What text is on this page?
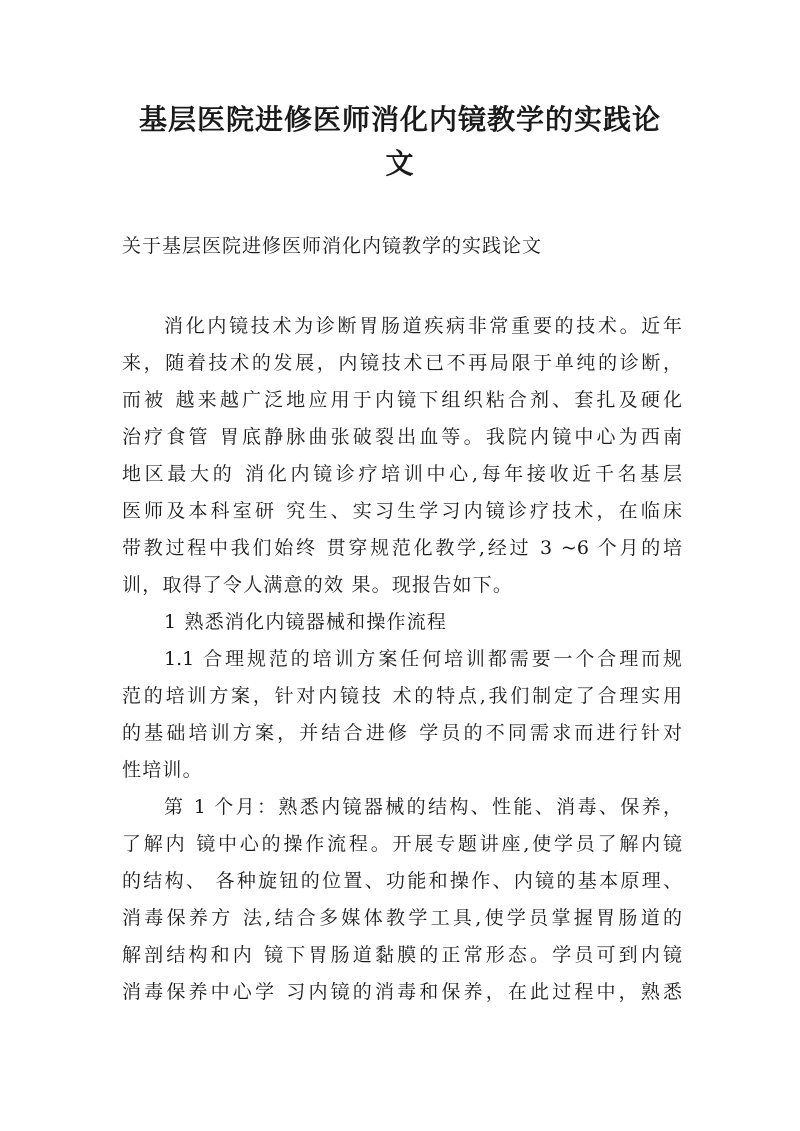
基层医院进修医师消化内镜教学的实践论
文
关于基层医院进修医师消化内镜教学的实践论文
消化内镜技术为诊断胃肠道疾病非常重要的技术。近年
来，随着技术的发展，内镜技术已不再局限于单纯的诊断，
而被 越来越广泛地应用于内镜下组织粘合剂、套扎及硬化
治疗食管 胃底静脉曲张破裂出血等。我院内镜中心为西南
地区最大的 消化内镜诊疗培训中心,每年接收近千名基层
医师及本科室研 究生、实习生学习内镜诊疗技术，在临床
带教过程中我们始终 贯穿规范化教学,经过 3 ~6 个月的培
训，取得了令人满意的效 果。现报告如下。
1 熟悉消化内镜器械和操作流程
1.1 合理规范的培训方案任何培训都需要一个合理而规
范的培训方案，针对内镜技 术的特点,我们制定了合理实用
的基础培训方案，并结合进修 学员的不同需求而进行针对
性培训。
第 1 个月：熟悉内镜器械的结构、性能、消毒、保养，
了解内 镜中心的操作流程。开展专题讲座,使学员了解内镜
的结构、 各种旋钮的位置、功能和操作、内镜的基本原理、
消毒保养方 法,结合多媒体教学工具,使学员掌握胃肠道的
解剖结构和内 镜下胃肠道黏膜的正常形态。学员可到内镜
消毒保养中心学 习内镜的消毒和保养，在此过程中，熟悉
